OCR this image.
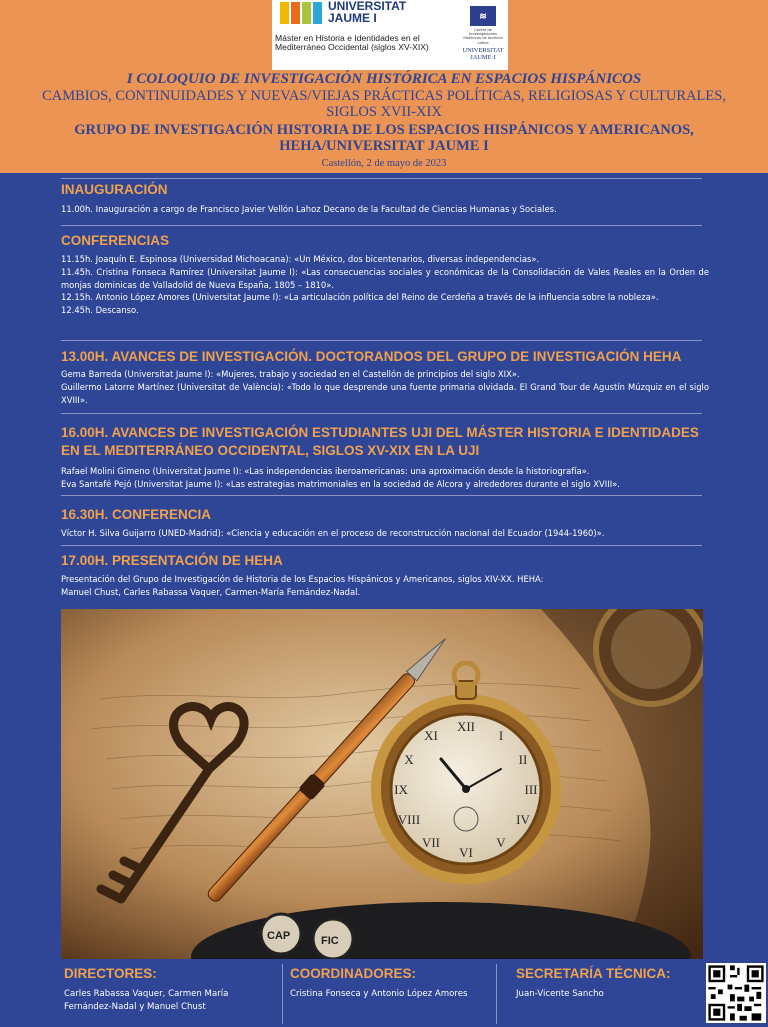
UNIVERSITAT JAUME I
Máster en Historia e Identidades en el Mediterráneo Occidental (siglos XV-XIX)
≋
Centro de Investigaciones Históricas de América Latina
UNIVERSITAT JAUME·I
I COLOQUIO DE INVESTIGACIÓN HISTÓRICA EN ESPACIOS HISPÁNICOS
CAMBIOS, CONTINUIDADES Y NUEVAS/VIEJAS PRÁCTICAS POLÍTICAS, RELIGIOSAS Y CULTURALES,
SIGLOS XVII-XIX
GRUPO DE INVESTIGACIÓN HISTORIA DE LOS ESPACIOS HISPÁNICOS Y AMERICANOS,
HEHA/UNIVERSITAT JAUME I
Castellón, 2 de mayo de 2023
INAUGURACIÓN
11.00h. Inauguración a cargo de Francisco Javier Vellón Lahoz Decano de la Facultad de Ciencias Humanas y Sociales.
CONFERENCIAS
11.15h. Joaquín E. Espinosa (Universidad Michoacana): «Un México, dos bicentenarios, diversas independencias».
11.45h. Cristina Fonseca Ramírez (Universitat Jaume I): «Las consecuencias sociales y económicas de la Consolidación de Vales Reales en la Orden de monjas dominicas de Valladolid de Nueva España, 1805 – 1810».
12.15h. Antonio López Amores (Universitat Jaume I): «La articulación política del Reino de Cerdeña a través de la influencia sobre la nobleza».
12.45h. Descanso.
13.00H. AVANCES DE INVESTIGACIÓN. DOCTORANDOS DEL GRUPO DE INVESTIGACIÓN HEHA
Gema Barreda (Universitat Jaume I): «Mujeres, trabajo y sociedad en el Castellón de principios del siglo XIX».
Guillermo Latorre Martínez (Universitat de València): «Todo lo que desprende una fuente primaria olvidada. El Grand Tour de Agustín Múzquiz en el siglo XVIII».
16.00H. AVANCES DE INVESTIGACIÓN ESTUDIANTES UJI DEL MÁSTER HISTORIA E IDENTIDADES EN EL MEDITERRÁNEO OCCIDENTAL, SIGLOS XV-XIX EN LA UJI
Rafael Molini Gimeno (Universitat Jaume I): «Las independencias iberoamericanas: una aproximación desde la historiografía».
Eva Santafé Pejó (Universitat Jaume I): «Las estrategias matrimoniales en la sociedad de Alcora y alrededores durante el siglo XVIII».
16.30H. CONFERENCIA
Víctor H. Silva Guijarro (UNED-Madrid): «Ciencia y educación en el proceso de reconstrucción nacional del Ecuador (1944-1960)».
17.00H. PRESENTACIÓN DE HEHA
Presentación del Grupo de Investigación de Historia de los Espacios Hispánicos y Americanos, siglos XIV-XX. HEHA:
Manuel Chust, Carles Rabassa Vaquer, Carmen-María Fernández-Nadal.
CAP	FIC
XII
I
II
III
IV
V
VI
VII
VIII
IX
X
XI
DIRECTORES:
Carles Rabassa Vaquer, Carmen María Fernández-Nadal y Manuel Chust
COORDINADORES:
Cristina Fonseca y Antonio López Amores
SECRETARÍA TÉCNICA:
Juan-Vicente Sancho
